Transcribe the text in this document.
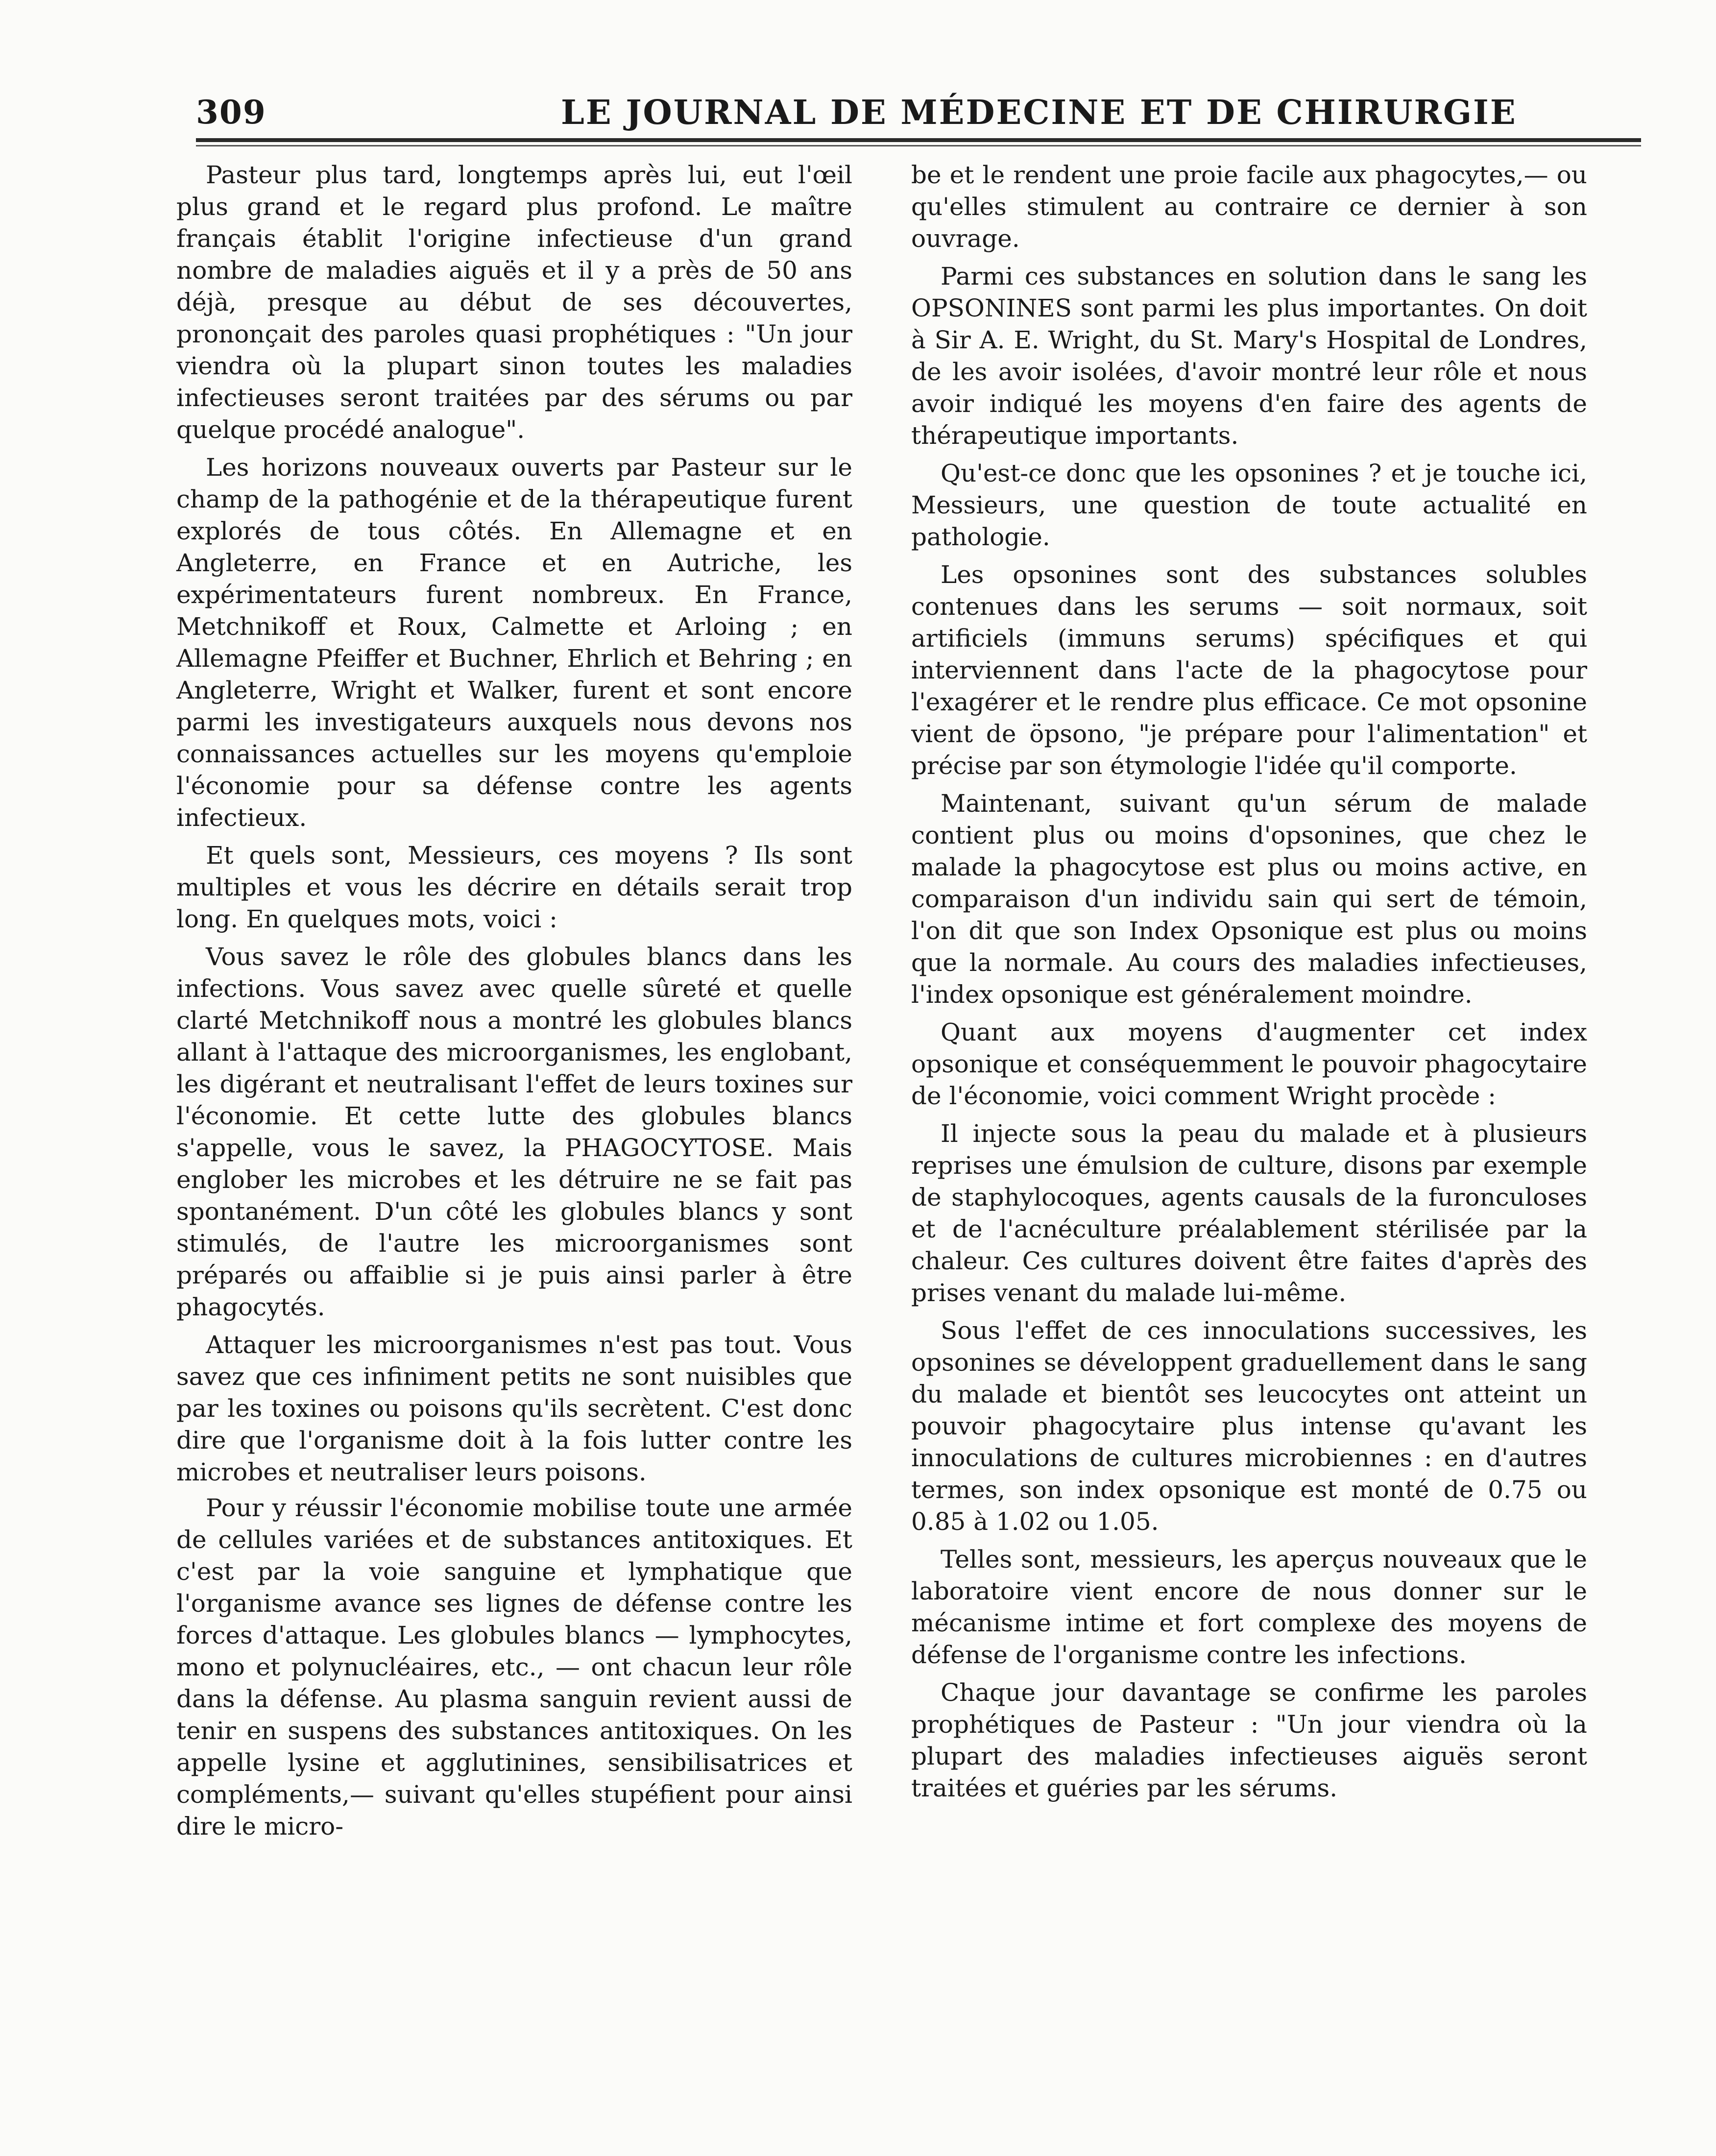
309	LE JOURNAL DE MÉDECINE ET DE CHIRURGIE

Pasteur plus tard, longtemps après lui, eut l'œil plus grand et le regard plus profond. Le maître français établit l'origine infectieuse d'un grand nombre de maladies aiguës et il y a près de 50 ans déjà, presque au début de ses découvertes, prononçait des paroles quasi prophétiques : "Un jour viendra où la plupart sinon toutes les maladies infectieuses seront traitées par des sérums ou par quelque procédé analogue".

Les horizons nouveaux ouverts par Pasteur sur le champ de la pathogénie et de la thérapeutique furent explorés de tous côtés. En Allemagne et en Angleterre, en France et en Autriche, les expérimentateurs furent nombreux. En France, Metchnikoff et Roux, Calmette et Arloing ; en Allemagne Pfeiffer et Buchner, Ehrlich et Behring ; en Angleterre, Wright et Walker, furent et sont encore parmi les investigateurs auxquels nous devons nos connaissances actuelles sur les moyens qu'emploie l'économie pour sa défense contre les agents infectieux.

Et quels sont, Messieurs, ces moyens ? Ils sont multiples et vous les décrire en détails serait trop long. En quelques mots, voici :

Vous savez le rôle des globules blancs dans les infections. Vous savez avec quelle sûreté et quelle clarté Metchnikoff nous a montré les globules blancs allant à l'attaque des microorganismes, les englobant, les digérant et neutralisant l'effet de leurs toxines sur l'économie. Et cette lutte des globules blancs s'appelle, vous le savez, la PHAGOCYTOSE. Mais englober les microbes et les détruire ne se fait pas spontanément. D'un côté les globules blancs y sont stimulés, de l'autre les microorganismes sont préparés ou affaiblie si je puis ainsi parler à être phagocytés.

Attaquer les microorganismes n'est pas tout. Vous savez que ces infiniment petits ne sont nuisibles que par les toxines ou poisons qu'ils secrètent. C'est donc dire que l'organisme doit à la fois lutter contre les microbes et neutraliser leurs poisons.

Pour y réussir l'économie mobilise toute une armée de cellules variées et de substances antitoxiques. Et c'est par la voie sanguine et lymphatique que l'organisme avance ses lignes de défense contre les forces d'attaque. Les globules blancs — lymphocytes, mono et polynucléaires, etc., — ont chacun leur rôle dans la défense. Au plasma sanguin revient aussi de tenir en suspens des substances antitoxiques. On les appelle lysine et agglutinines, sensibilisatrices et compléments,— suivant qu'elles stupéfient pour ainsi dire le micro-

be et le rendent une proie facile aux phagocytes,— ou qu'elles stimulent au contraire ce dernier à son ouvrage.

Parmi ces substances en solution dans le sang les OPSONINES sont parmi les plus importantes. On doit à Sir A. E. Wright, du St. Mary's Hospital de Londres, de les avoir isolées, d'avoir montré leur rôle et nous avoir indiqué les moyens d'en faire des agents de thérapeutique importants.

Qu'est-ce donc que les opsonines ? et je touche ici, Messieurs, une question de toute actualité en pathologie.

Les opsonines sont des substances solubles contenues dans les serums — soit normaux, soit artificiels (immuns serums) spécifiques et qui interviennent dans l'acte de la phagocytose pour l'exagérer et le rendre plus efficace. Ce mot opsonine vient de öpsono, "je prépare pour l'alimentation" et précise par son étymologie l'idée qu'il comporte.

Maintenant, suivant qu'un sérum de malade contient plus ou moins d'opsonines, que chez le malade la phagocytose est plus ou moins active, en comparaison d'un individu sain qui sert de témoin, l'on dit que son Index Opsonique est plus ou moins que la normale. Au cours des maladies infectieuses, l'index opsonique est généralement moindre.

Quant aux moyens d'augmenter cet index opsonique et conséquemment le pouvoir phagocytaire de l'économie, voici comment Wright procède :

Il injecte sous la peau du malade et à plusieurs reprises une émulsion de culture, disons par exemple de staphylocoques, agents causals de la furonculoses et de l'acnéculture préalablement stérilisée par la chaleur. Ces cultures doivent être faites d'après des prises venant du malade lui-même.

Sous l'effet de ces innoculations successives, les opsonines se développent graduellement dans le sang du malade et bientôt ses leucocytes ont atteint un pouvoir phagocytaire plus intense qu'avant les innoculations de cultures microbiennes : en d'autres termes, son index opsonique est monté de 0.75 ou 0.85 à 1.02 ou 1.05.

Telles sont, messieurs, les aperçus nouveaux que le laboratoire vient encore de nous donner sur le mécanisme intime et fort complexe des moyens de défense de l'organisme contre les infections.

Chaque jour davantage se confirme les paroles prophétiques de Pasteur : "Un jour viendra où la plupart des maladies infectieuses aiguës seront traitées et guéries par les sérums.
